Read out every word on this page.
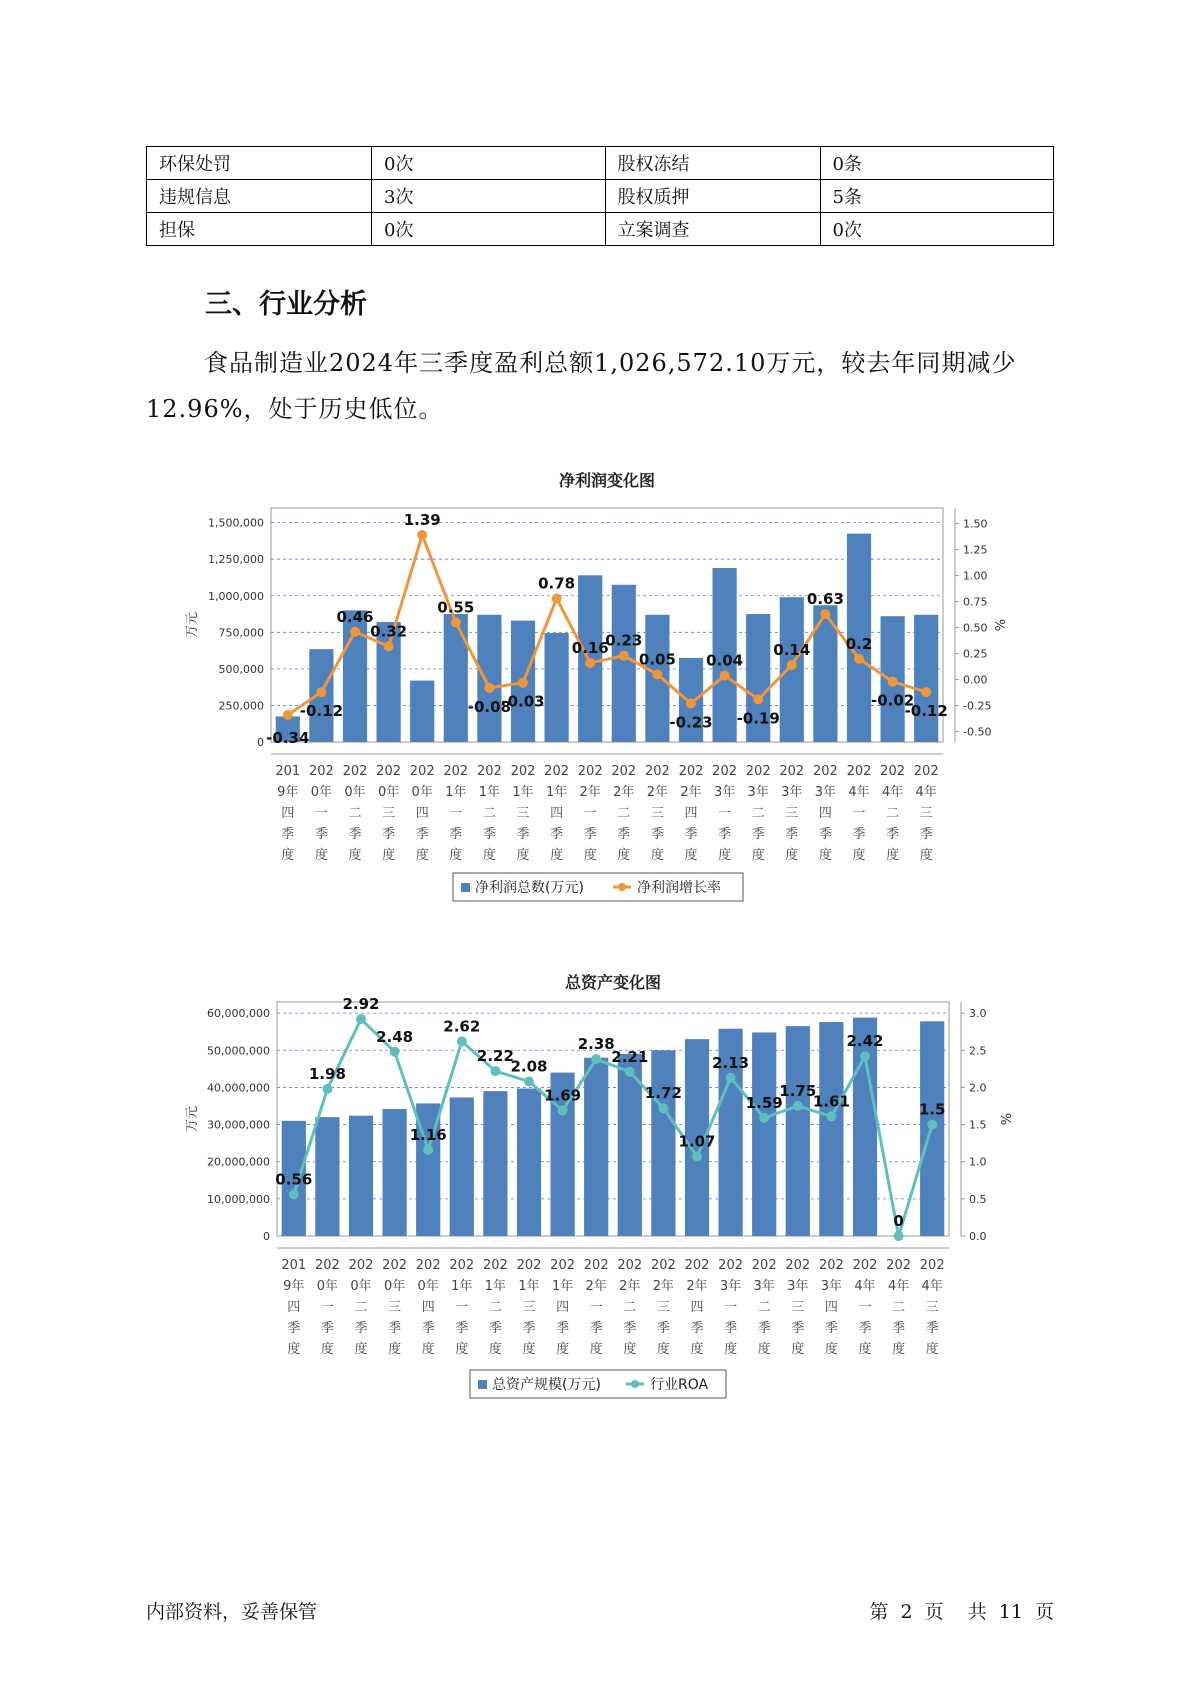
环保处罚	0次	股权冻结	0条
违规信息	3次	股权质押	5条
担保	0次	立案调查	0次
三、行业分析

食品制造业2024年三季度盈利总额1,026,572.10万元，较去年同期减少12.96%，处于历史低位。

净利润变化图
0
250,000
500,000
750,000
1,000,000
1,250,000
1,500,000
-0.50
-0.25
0.00
0.25
0.50
0.75
1.00
1.25
1.50
万元	%
-0.34
-0.12
0.46
0.32
1.39
0.55
-0.08
-0.03
0.78
0.16
0.23
0.05
-0.23
0.04
-0.19
0.14
0.63
0.2
-0.02
-0.12
201 9年四季度
202 0年一季度
202 0年二季度
202 0年三季度
202 0年四季度
202 1年一季度
202 1年二季度
202 1年三季度
202 1年四季度
202 2年一季度
202 2年二季度
202 2年三季度
202 2年四季度
202 3年一季度
202 3年二季度
202 3年三季度
202 3年四季度
202 4年一季度
202 4年二季度
202 4年三季度
净利润总数(万元)	净利润增长率
总资产变化图
0
10,000,000
20,000,000
30,000,000
40,000,000
50,000,000
60,000,000
0.0
0.5
1.0
1.5
2.0
2.5
3.0
万元	%
0.56
1.98
2.92
2.48
1.16
2.62
2.22
2.08
1.69
2.38
2.21
1.72
1.07
2.13
1.59
1.75
1.61
2.42
0
1.5
201 9年四季度
202 0年一季度
202 0年二季度
202 0年三季度
202 0年四季度
202 1年一季度
202 1年二季度
202 1年三季度
202 1年四季度
202 2年一季度
202 2年二季度
202 2年三季度
202 2年四季度
202 3年一季度
202 3年二季度
202 3年三季度
202 3年四季度
202 4年一季度
202 4年二季度
202 4年三季度
总资产规模(万元)	行业ROA

内部资料，妥善保管	第 2 页 共 11 页
